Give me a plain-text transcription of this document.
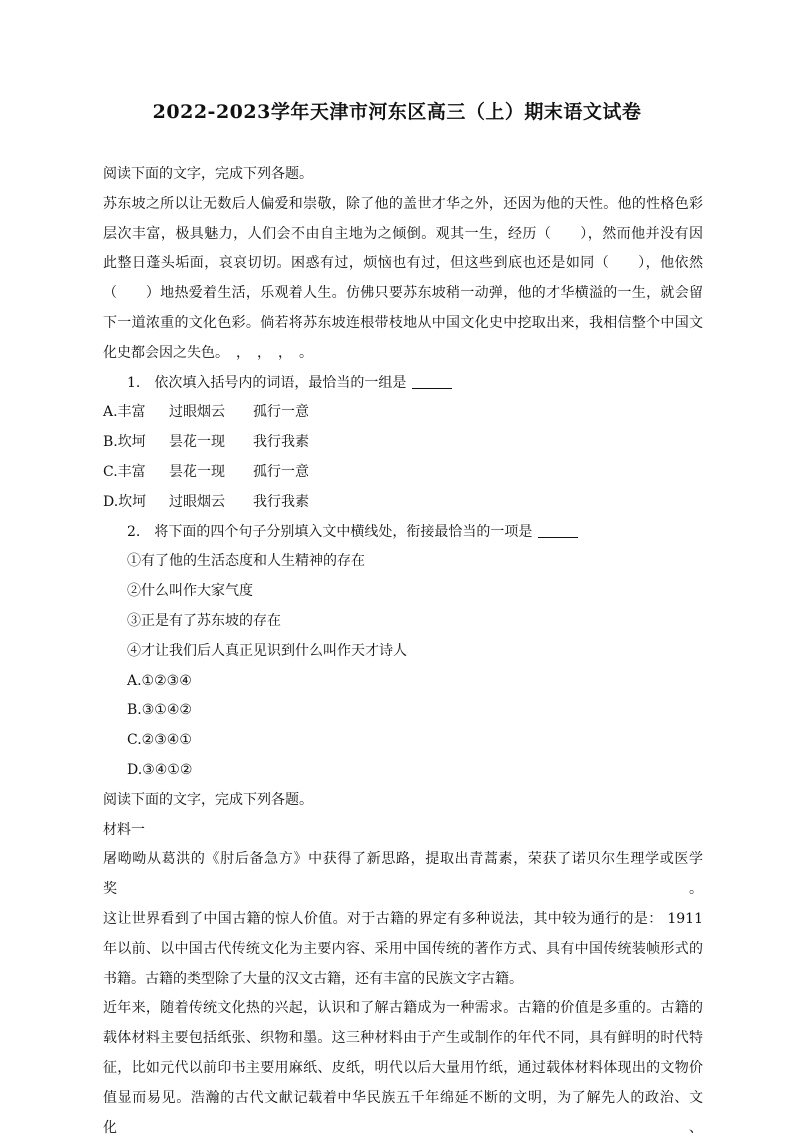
2022-2023学年天津市河东区高三（上）期末语文试卷
阅读下面的文字，完成下列各题。
苏东坡之所以让无数后人偏爱和崇敬，除了他的盖世才华之外，还因为他的天性。他的性格色彩
层次丰富，极具魅力，人们会不由自主地为之倾倒。观其一生，经历（　　），然而他并没有因
此整日蓬头垢面，哀哀切切。困惑有过，烦恼也有过，但这些到底也还是如同（　　），他依然
（　　）地热爱着生活，乐观着人生。仿佛只要苏东坡稍一动弹，他的才华横溢的一生，就会留
下一道浓重的文化色彩。倘若将苏东坡连根带枝地从中国文化史中挖取出来，我相信整个中国文
化史都会因之失色。　，　，　，　。
1.　依次填入括号内的词语，最恰当的一组是
A.丰富 过眼烟云 孤行一意
B.坎坷 昙花一现 我行我素
C.丰富 昙花一现 孤行一意
D.坎坷 过眼烟云 我行我素
2.　将下面的四个句子分别填入文中横线处，衔接最恰当的一项是
①有了他的生活态度和人生精神的存在
②什么叫作大家气度
③正是有了苏东坡的存在
④才让我们后人真正见识到什么叫作天才诗人
A.①②③④
B.③①④②
C.②③④①
D.③④①②
阅读下面的文字，完成下列各题。
材料一
屠呦呦从葛洪的《肘后备急方》中获得了新思路，提取出青蒿素，荣获了诺贝尔生理学或医学奖。
这让世界看到了中国古籍的惊人价值。对于古籍的界定有多种说法，其中较为通行的是： 1911
年以前、以中国古代传统文化为主要内容、采用中国传统的著作方式、具有中国传统装帧形式的
书籍。古籍的类型除了大量的汉文古籍，还有丰富的民族文字古籍。
近年来，随着传统文化热的兴起，认识和了解古籍成为一种需求。古籍的价值是多重的。古籍的
载体材料主要包括纸张、织物和墨。这三种材料由于产生或制作的年代不同，具有鲜明的时代特
征，比如元代以前印书主要用麻纸、皮纸，明代以后大量用竹纸，通过载体材料体现出的文物价
值显而易见。浩瀚的古代文献记载着中华民族五千年绵延不断的文明，为了解先人的政治、文化、
